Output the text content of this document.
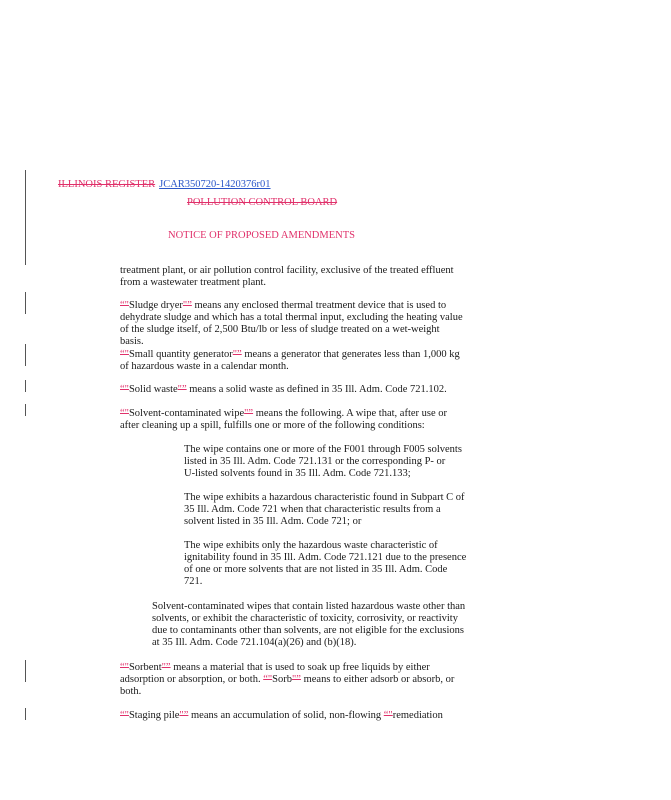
ILLINOIS REGISTER JCAR350720-1420376r01
POLLUTION CONTROL BOARD
NOTICE OF PROPOSED AMENDMENTS
treatment plant, or air pollution control facility, exclusive of the treated effluent
from a wastewater treatment plant.
“"Sludge dryer"” means any enclosed thermal treatment device that is used to
dehydrate sludge and which has a total thermal input, excluding the heating value
of the sludge itself, of 2,500 Btu/lb or less of sludge treated on a wet-weight basis.
“"Small quantity generator"” means a generator that generates less than 1,000 kg
of hazardous waste in a calendar month.
“"Solid waste"” means a solid waste as defined in 35 Ill. Adm. Code 721.102.
“"Solvent-contaminated wipe"” means the following. A wipe that, after use or
after cleaning up a spill, fulfills one or more of the following conditions:
The wipe contains one or more of the F001 through F005 solvents
listed in 35 Ill. Adm. Code 721.131 or the corresponding P- or
U-listed solvents found in 35 Ill. Adm. Code 721.133;
The wipe exhibits a hazardous characteristic found in Subpart C of
35 Ill. Adm. Code 721 when that characteristic results from a
solvent listed in 35 Ill. Adm. Code 721; or
The wipe exhibits only the hazardous waste characteristic of
ignitability found in 35 Ill. Adm. Code 721.121 due to the presence
of one or more solvents that are not listed in 35 Ill. Adm. Code
721.
Solvent-contaminated wipes that contain listed hazardous waste other than
solvents, or exhibit the characteristic of toxicity, corrosivity, or reactivity
due to contaminants other than solvents, are not eligible for the exclusions
at 35 Ill. Adm. Code 721.104(a)(26) and (b)(18).
“"Sorbent"” means a material that is used to soak up free liquids by either
adsorption or absorption, or both. “"Sorb"” means to either adsorb or absorb, or
both.
“"Staging pile"” means an accumulation of solid, non-flowing “"remediation
